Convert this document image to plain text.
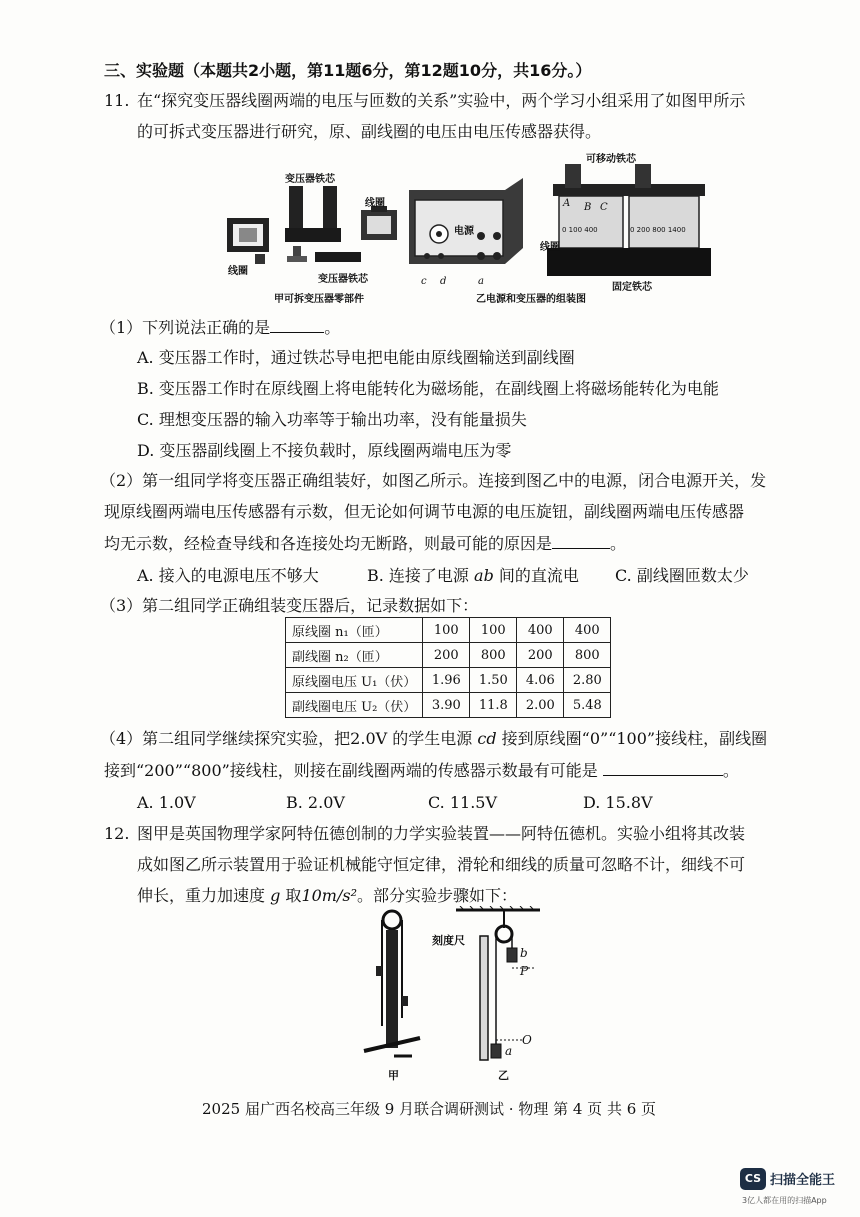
三、实验题（本题共2小题，第11题6分，第12题10分，共16分。）
11. 在“探究变压器线圈两端的电压与匝数的关系”实验中，两个学习小组采用了如图甲所示
的可拆式变压器进行研究，原、副线圈的电压由电压传感器获得。
变压器铁芯
线圈
线圈
变压器铁芯
甲可拆变压器零部件
电源
c d	a
乙电源和变压器的组装图
可移动铁芯
线圈
固定铁芯
A B C
0 100 400	0 200 800 1400
（1）下列说法正确的是	。
A. 变压器工作时，通过铁芯导电把电能由原线圈输送到副线圈
B. 变压器工作时在原线圈上将电能转化为磁场能，在副线圈上将磁场能转化为电能
C. 理想变压器的输入功率等于输出功率，没有能量损失
D. 变压器副线圈上不接负载时，原线圈两端电压为零
（2）第一组同学将变压器正确组装好，如图乙所示。连接到图乙中的电源，闭合电源开关，发
现原线圈两端电压传感器有示数，但无论如何调节电源的电压旋钮，副线圈两端电压传感器
均无示数，经检查导线和各连接处均无断路，则最可能的原因是	。
A. 接入的电源电压不够大	B. 连接了电源 ab 间的直流电 C. 副线圈匝数太少
（3）第二组同学正确组装变压器后，记录数据如下：
原线圈 n₁（匝）	100	100	400	400
副线圈 n₂（匝）	200	800	200	800
原线圈电压 U₁（伏）	1.96	1.50	4.06	2.80
副线圈电压 U₂（伏）	3.90	11.8	2.00	5.48
（4）第二组同学继续探究实验，把2.0V 的学生电源 cd 接到原线圈“0”“100”接线柱，副线圈
接到“200”“800”接线柱，则接在副线圈两端的传感器示数最有可能是	。
A. 1.0V	B. 2.0V	C. 11.5V	D. 15.8V
12. 图甲是英国物理学家阿特伍德创制的力学实验装置——阿特伍德机。实验小组将其改装
成如图乙所示装置用于验证机械能守恒定律，滑轮和细线的质量可忽略不计，细线不可
伸长，重力加速度 g 取10m/s²。部分实验步骤如下：
刻度尺
b
P
O
a
甲	乙
2025 届广西名校高三年级 9 月联合调研测试 · 物理 第 4 页 共 6 页
CS 扫描全能王
3亿人都在用的扫描App
